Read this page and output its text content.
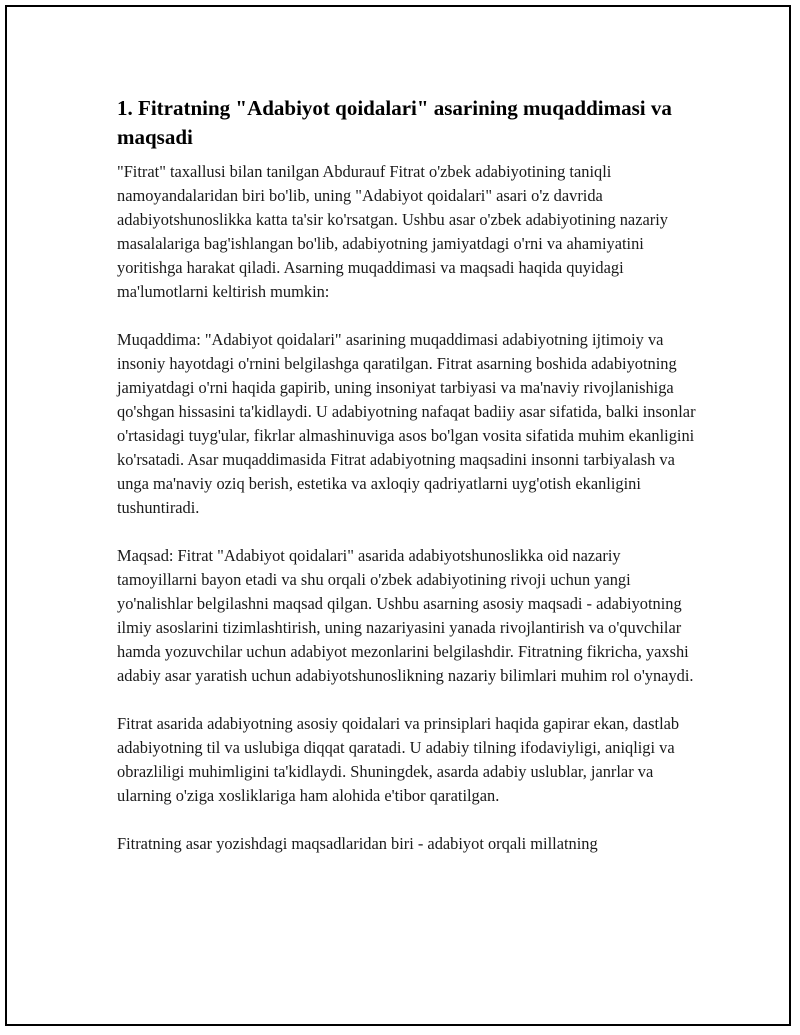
1. Fitratning "Adabiyot qoidalari" asarining muqaddimasi va maqsadi

"Fitrat" taxallusi bilan tanilgan Abdurauf Fitrat o'zbek adabiyotining taniqli namoyandalaridan biri bo'lib, uning "Adabiyot qoidalari" asari o'z davrida adabiyotshunoslikka katta ta'sir ko'rsatgan. Ushbu asar o'zbek adabiyotining nazariy masalalariga bag'ishlangan bo'lib, adabiyotning jamiyatdagi o'rni va ahamiyatini yoritishga harakat qiladi. Asarning muqaddimasi va maqsadi haqida quyidagi ma'lumotlarni keltirish mumkin:

Muqaddima: "Adabiyot qoidalari" asarining muqaddimasi adabiyotning ijtimoiy va insoniy hayotdagi o'rnini belgilashga qaratilgan. Fitrat asarning boshida adabiyotning jamiyatdagi o'rni haqida gapirib, uning insoniyat tarbiyasi va ma'naviy rivojlanishiga qo'shgan hissasini ta'kidlaydi. U adabiyotning nafaqat badiiy asar sifatida, balki insonlar o'rtasidagi tuyg'ular, fikrlar almashinuviga asos bo'lgan vosita sifatida muhim ekanligini ko'rsatadi. Asar muqaddimasida Fitrat adabiyotning maqsadini insonni tarbiyalash va unga ma'naviy oziq berish, estetika va axloqiy qadriyatlarni uyg'otish ekanligini tushuntiradi.

Maqsad: Fitrat "Adabiyot qoidalari" asarida adabiyotshunoslikka oid nazariy tamoyillarni bayon etadi va shu orqali o'zbek adabiyotining rivoji uchun yangi yo'nalishlar belgilashni maqsad qilgan. Ushbu asarning asosiy maqsadi - adabiyotning ilmiy asoslarini tizimlashtirish, uning nazariyasini yanada rivojlantirish va o'quvchilar hamda yozuvchilar uchun adabiyot mezonlarini belgilashdir. Fitratning fikricha, yaxshi adabiy asar yaratish uchun adabiyotshunoslikning nazariy bilimlari muhim rol o'ynaydi.

Fitrat asarida adabiyotning asosiy qoidalari va prinsiplari haqida gapirar ekan, dastlab adabiyotning til va uslubiga diqqat qaratadi. U adabiy tilning ifodaviyligi, aniqligi va obrazliligi muhimligini ta'kidlaydi. Shuningdek, asarda adabiy uslublar, janrlar va ularning o'ziga xosliklariga ham alohida e'tibor qaratilgan.

Fitratning asar yozishdagi maqsadlaridan biri - adabiyot orqali millatning
